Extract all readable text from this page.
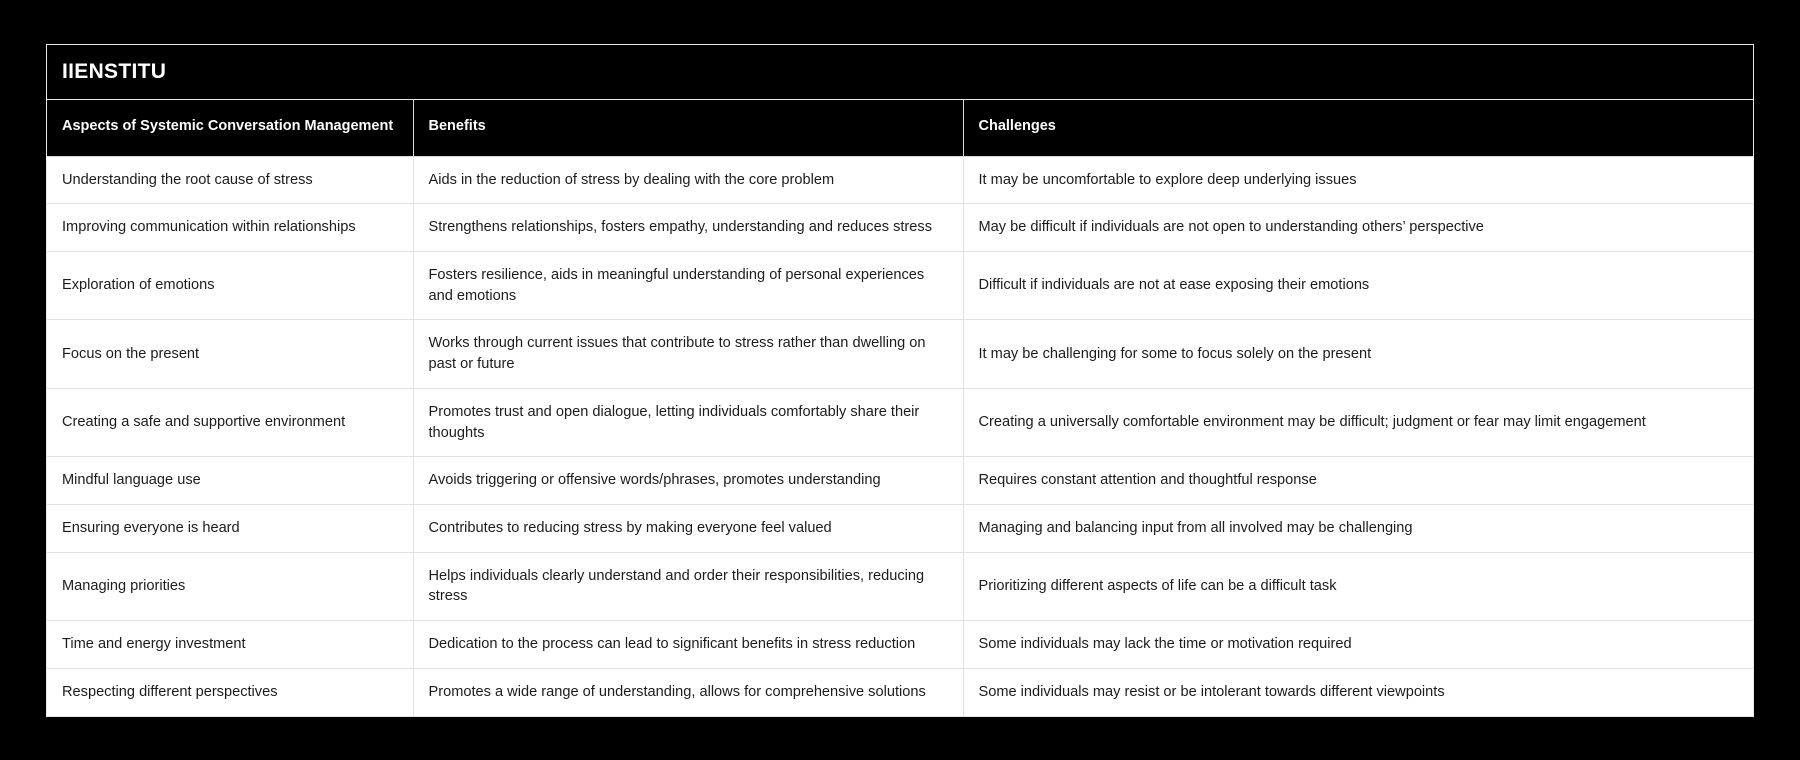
IIENSTITU
Aspects of Systemic Conversation Management	Benefits	Challenges
Understanding the root cause of stress	Aids in the reduction of stress by dealing with the core problem	It may be uncomfortable to explore deep underlying issues
Improving communication within relationships	Strengthens relationships, fosters empathy, understanding and reduces stress	May be difficult if individuals are not open to understanding others’ perspective
Exploration of emotions	Fosters resilience, aids in meaningful understanding of personal experiences and emotions	Difficult if individuals are not at ease exposing their emotions
Focus on the present	Works through current issues that contribute to stress rather than dwelling on past or future	It may be challenging for some to focus solely on the present
Creating a safe and supportive environment	Promotes trust and open dialogue, letting individuals comfortably share their thoughts	Creating a universally comfortable environment may be difficult; judgment or fear may limit engagement
Mindful language use	Avoids triggering or offensive words/phrases, promotes understanding	Requires constant attention and thoughtful response
Ensuring everyone is heard	Contributes to reducing stress by making everyone feel valued	Managing and balancing input from all involved may be challenging
Managing priorities	Helps individuals clearly understand and order their responsibilities, reducing stress	Prioritizing different aspects of life can be a difficult task
Time and energy investment	Dedication to the process can lead to significant benefits in stress reduction	Some individuals may lack the time or motivation required
Respecting different perspectives	Promotes a wide range of understanding, allows for comprehensive solutions	Some individuals may resist or be intolerant towards different viewpoints
